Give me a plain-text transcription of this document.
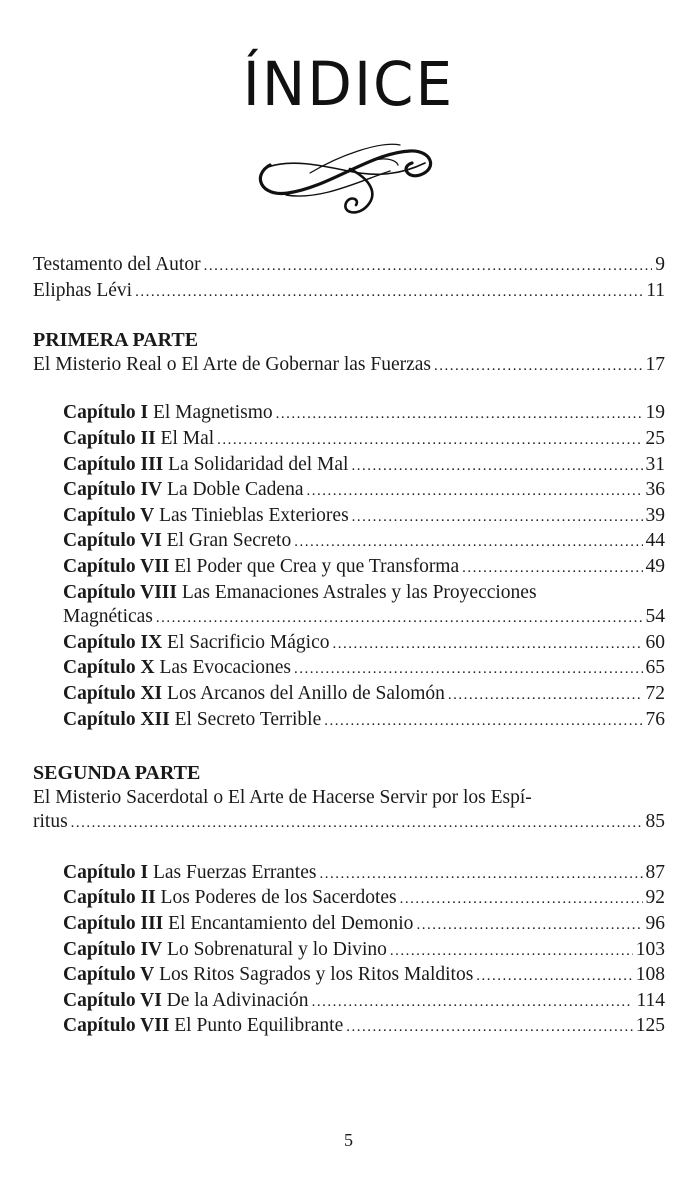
ÍNDICE
Testamento del Autor .....	9
Eliphas Lévi .....	11
PRIMERA PARTE
El Misterio Real o El Arte de Gobernar las Fuerzas .....	17
Capítulo I El Magnetismo .....	19
Capítulo II El Mal .....	25
Capítulo III La Solidaridad del Mal .....	31
Capítulo IV La Doble Cadena .....	36
Capítulo V Las Tinieblas Exteriores .....	39
Capítulo VI El Gran Secreto .....	44
Capítulo VII El Poder que Crea y que Transforma .....	49
Capítulo VIII Las Emanaciones Astrales y las Proyecciones
Magnéticas .....	54
Capítulo IX El Sacrificio Mágico .....	60
Capítulo X Las Evocaciones .....	65
Capítulo XI Los Arcanos del Anillo de Salomón .....	72
Capítulo XII El Secreto Terrible .....	76
SEGUNDA PARTE
El Misterio Sacerdotal o El Arte de Hacerse Servir por los Espí-
ritus .....	85
Capítulo I Las Fuerzas Errantes .....	87
Capítulo II Los Poderes de los Sacerdotes .....	92
Capítulo III El Encantamiento del Demonio .....	96
Capítulo IV Lo Sobrenatural y lo Divino .....	103
Capítulo V Los Ritos Sagrados y los Ritos Malditos .....	108
Capítulo VI De la Adivinación .....	114
Capítulo VII El Punto Equilibrante .....	125
5
